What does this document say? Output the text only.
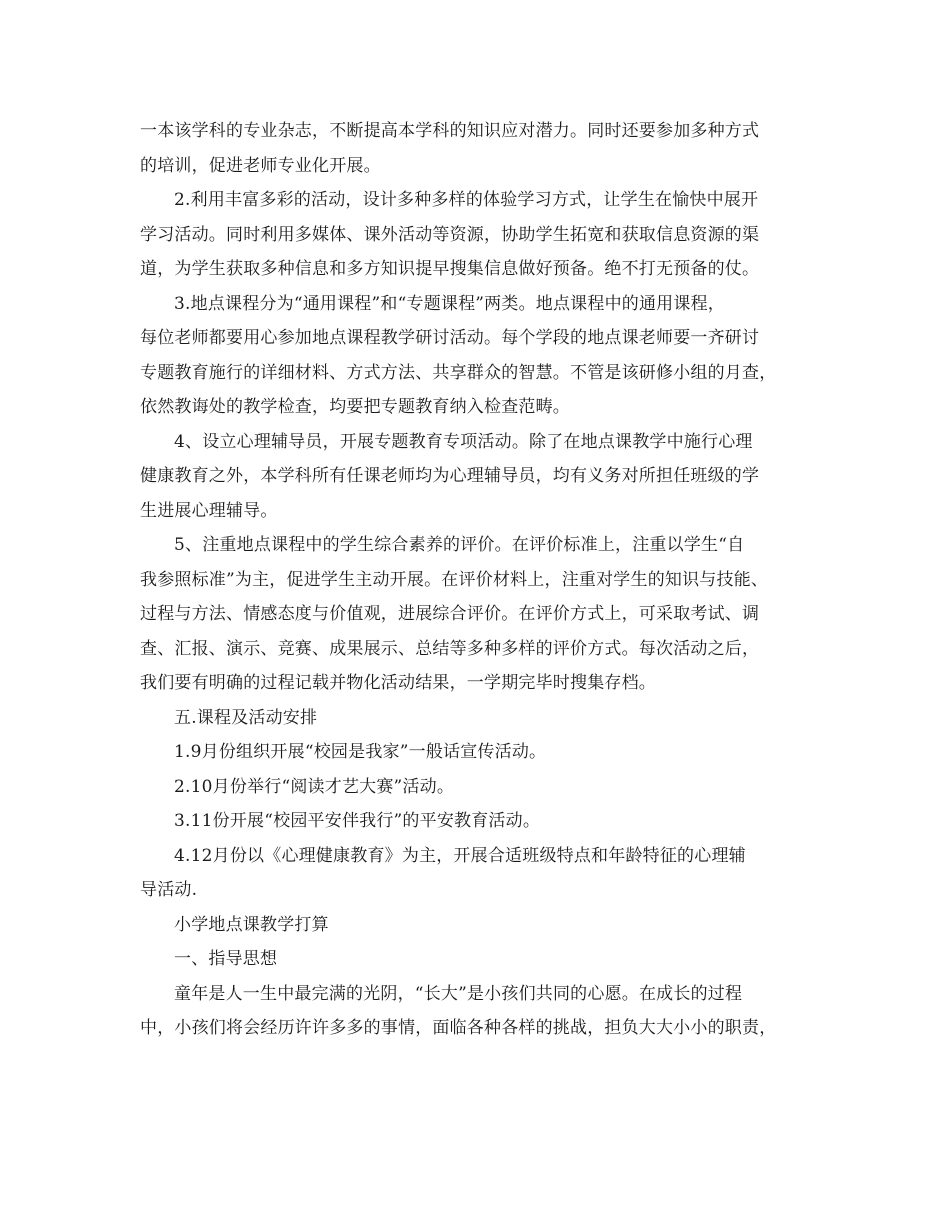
一本该学科的专业杂志，不断提高本学科的知识应对潜力。同时还要参加多种方式
的培训，促进老师专业化开展。
2.利用丰富多彩的活动，设计多种多样的体验学习方式，让学生在愉快中展开
学习活动。同时利用多媒体、课外活动等资源，协助学生拓宽和获取信息资源的渠
道，为学生获取多种信息和多方知识提早搜集信息做好预备。绝不打无预备的仗。
3.地点课程分为“通用课程”和“专题课程”两类。地点课程中的通用课程，
每位老师都要用心参加地点课程教学研讨活动。每个学段的地点课老师要一齐研讨
专题教育施行的详细材料、方式方法、共享群众的智慧。不管是该研修小组的月查，
依然教诲处的教学检查，均要把专题教育纳入检查范畴。
4、设立心理辅导员，开展专题教育专项活动。除了在地点课教学中施行心理
健康教育之外，本学科所有任课老师均为心理辅导员，均有义务对所担任班级的学
生进展心理辅导。
5、注重地点课程中的学生综合素养的评价。在评价标准上，注重以学生“自
我参照标准”为主，促进学生主动开展。在评价材料上，注重对学生的知识与技能、
过程与方法、情感态度与价值观，进展综合评价。在评价方式上，可采取考试、调
查、汇报、演示、竞赛、成果展示、总结等多种多样的评价方式。每次活动之后，
我们要有明确的过程记载并物化活动结果，一学期完毕时搜集存档。
五.课程及活动安排
1.9月份组织开展“校园是我家”一般话宣传活动。
2.10月份举行“阅读才艺大赛”活动。
3.11份开展“校园平安伴我行”的平安教育活动。
4.12月份以《心理健康教育》为主，开展合适班级特点和年龄特征的心理辅
导活动.
小学地点课教学打算
一、指导思想
童年是人一生中最完满的光阴，“长大”是小孩们共同的心愿。在成长的过程
中，小孩们将会经历许许多多的事情，面临各种各样的挑战，担负大大小小的职责，
